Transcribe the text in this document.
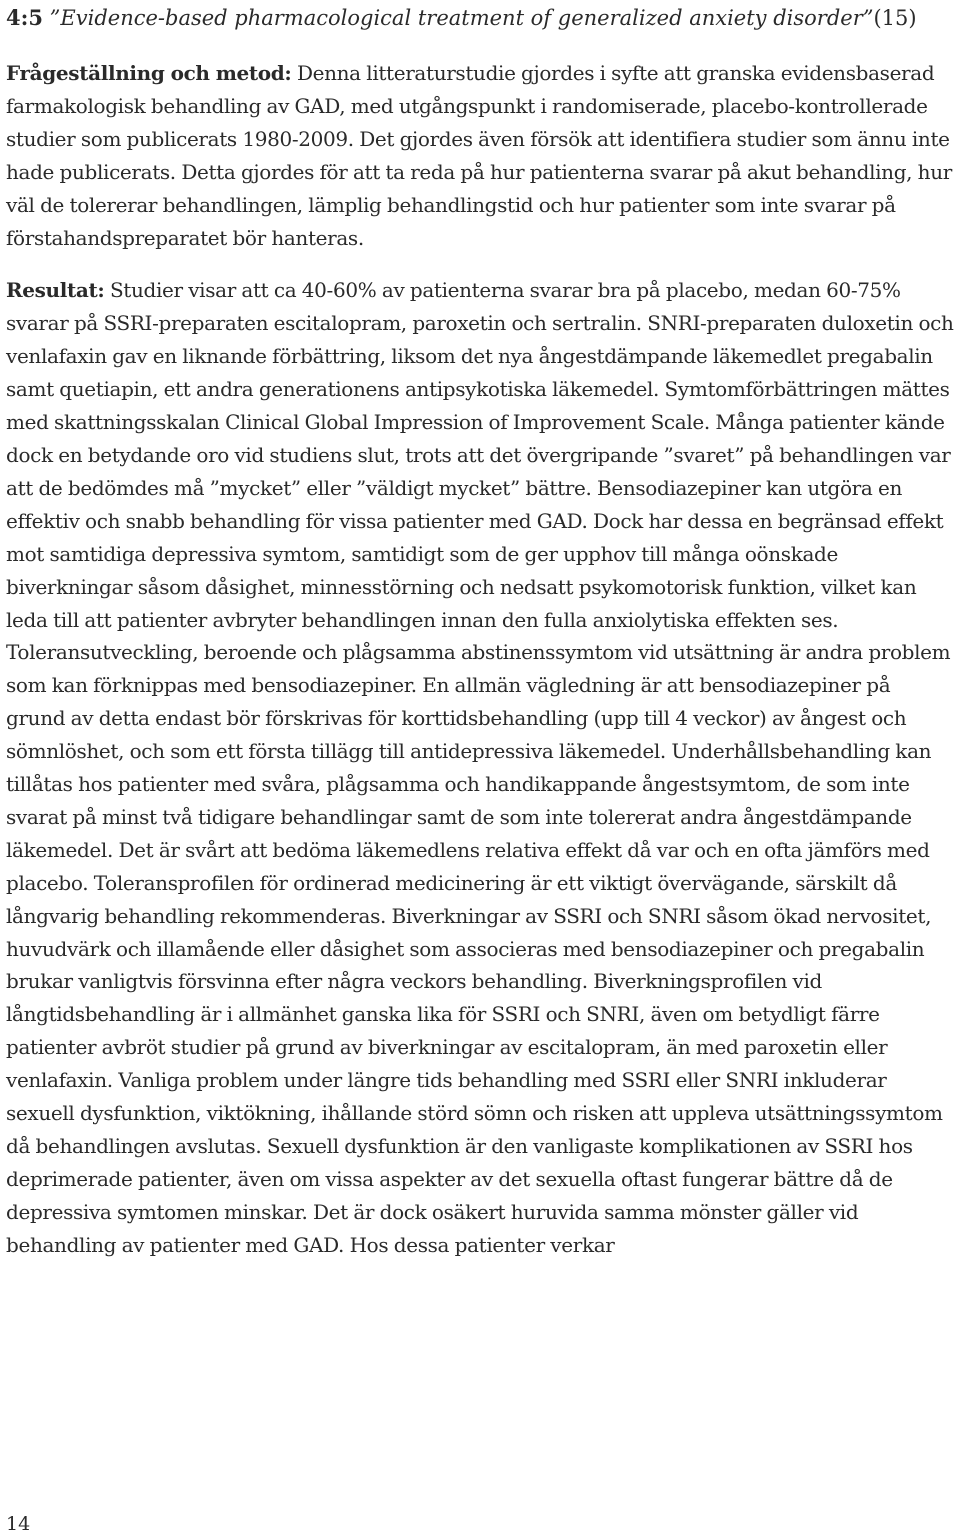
4:5 ”Evidence-based pharmacological treatment of generalized anxiety disorder”(15)

Frågeställning och metod: Denna litteraturstudie gjordes i syfte att granska evidensbaserad farmakologisk behandling av GAD, med utgångspunkt i randomiserade, placebo-kontrollerade studier som publicerats 1980-2009. Det gjordes även försök att identifiera studier som ännu inte hade publicerats. Detta gjordes för att ta reda på hur patienterna svarar på akut behandling, hur väl de tolererar behandlingen, lämplig behandlingstid och hur patienter som inte svarar på förstahandspreparatet bör hanteras.

Resultat: Studier visar att ca 40-60% av patienterna svarar bra på placebo, medan 60-75% svarar på SSRI-preparaten escitalopram, paroxetin och sertralin. SNRI-preparaten duloxetin och venlafaxin gav en liknande förbättring, liksom det nya ångestdämpande läkemedlet pregabalin samt quetiapin, ett andra generationens antipsykotiska läkemedel. Symtomförbättringen mättes med skattningsskalan Clinical Global Impression of Improvement Scale. Många patienter kände dock en betydande oro vid studiens slut, trots att det övergripande ”svaret” på behandlingen var att de bedömdes må ”mycket” eller ”väldigt mycket” bättre. Bensodiazepiner kan utgöra en effektiv och snabb behandling för vissa patienter med GAD. Dock har dessa en begränsad effekt mot samtidiga depressiva symtom, samtidigt som de ger upphov till många oönskade biverkningar såsom dåsighet, minnesstörning och nedsatt psykomotorisk funktion, vilket kan leda till att patienter avbryter behandlingen innan den fulla anxiolytiska effekten ses. Toleransutveckling, beroende och plågsamma abstinenssymtom vid utsättning är andra problem som kan förknippas med bensodiazepiner. En allmän vägledning är att bensodiazepiner på grund av detta endast bör förskrivas för korttidsbehandling (upp till 4 veckor) av ångest och sömnlöshet, och som ett första tillägg till antidepressiva läkemedel. Underhållsbehandling kan tillåtas hos patienter med svåra, plågsamma och handikappande ångestsymtom, de som inte svarat på minst två tidigare behandlingar samt de som inte tolererat andra ångestdämpande läkemedel. Det är svårt att bedöma läkemedlens relativa effekt då var och en ofta jämförs med placebo. Toleransprofilen för ordinerad medicinering är ett viktigt övervägande, särskilt då långvarig behandling rekommenderas. Biverkningar av SSRI och SNRI såsom ökad nervositet, huvudvärk och illamående eller dåsighet som associeras med bensodiazepiner och pregabalin brukar vanligtvis försvinna efter några veckors behandling. Biverkningsprofilen vid långtidsbehandling är i allmänhet ganska lika för SSRI och SNRI, även om betydligt färre patienter avbröt studier på grund av biverkningar av escitalopram, än med paroxetin eller venlafaxin. Vanliga problem under längre tids behandling med SSRI eller SNRI inkluderar sexuell dysfunktion, viktökning, ihållande störd sömn och risken att uppleva utsättningssymtom då behandlingen avslutas. Sexuell dysfunktion är den vanligaste komplikationen av SSRI hos deprimerade patienter, även om vissa aspekter av det sexuella oftast fungerar bättre då de depressiva symtomen minskar. Det är dock osäkert huruvida samma mönster gäller vid behandling av patienter med GAD. Hos dessa patienter verkar

14
